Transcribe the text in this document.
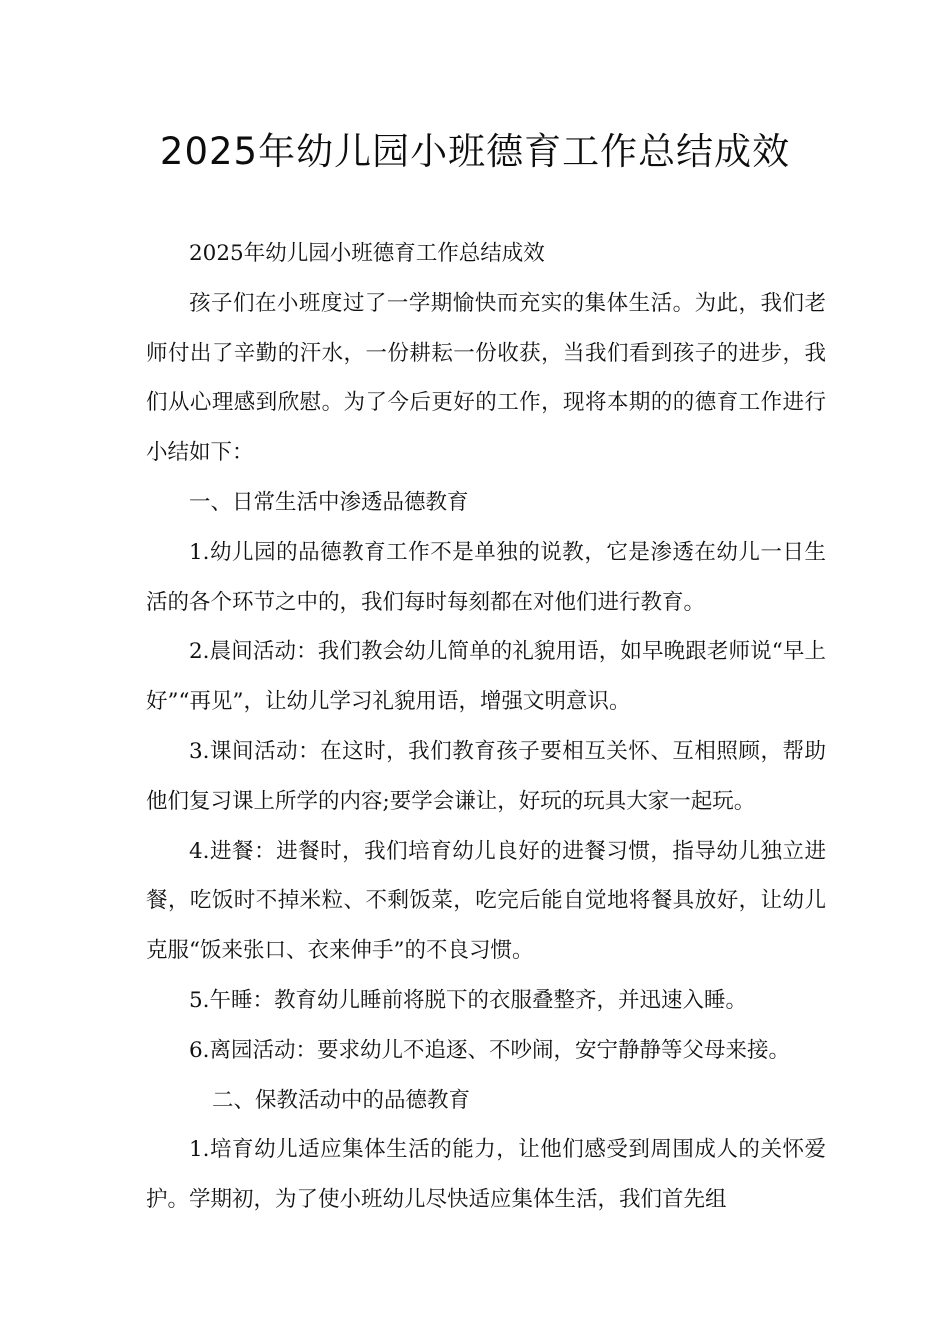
2025年幼儿园小班德育工作总结成效

2025年幼儿园小班德育工作总结成效

孩子们在小班度过了一学期愉快而充实的集体生活。为此，我们老师付出了辛勤的汗水，一份耕耘一份收获，当我们看到孩子的进步，我们从心理感到欣慰。为了今后更好的工作，现将本期的的德育工作进行小结如下：

一、日常生活中渗透品德教育

1.幼儿园的品德教育工作不是单独的说教，它是渗透在幼儿一日生活的各个环节之中的，我们每时每刻都在对他们进行教育。

2.晨间活动：我们教会幼儿简单的礼貌用语，如早晚跟老师说“早上好”“再见”，让幼儿学习礼貌用语，增强文明意识。

3.课间活动：在这时，我们教育孩子要相互关怀、互相照顾，帮助他们复习课上所学的内容;要学会谦让，好玩的玩具大家一起玩。

4.进餐：进餐时，我们培育幼儿良好的进餐习惯，指导幼儿独立进餐，吃饭时不掉米粒、不剩饭菜，吃完后能自觉地将餐具放好，让幼儿克服“饭来张口、衣来伸手”的不良习惯。

5.午睡：教育幼儿睡前将脱下的衣服叠整齐，并迅速入睡。

6.离园活动：要求幼儿不追逐、不吵闹，安宁静静等父母来接。

二、保教活动中的品德教育

1.培育幼儿适应集体生活的能力，让他们感受到周围成人的关怀爱护。学期初，为了使小班幼儿尽快适应集体生活，我们首先组
